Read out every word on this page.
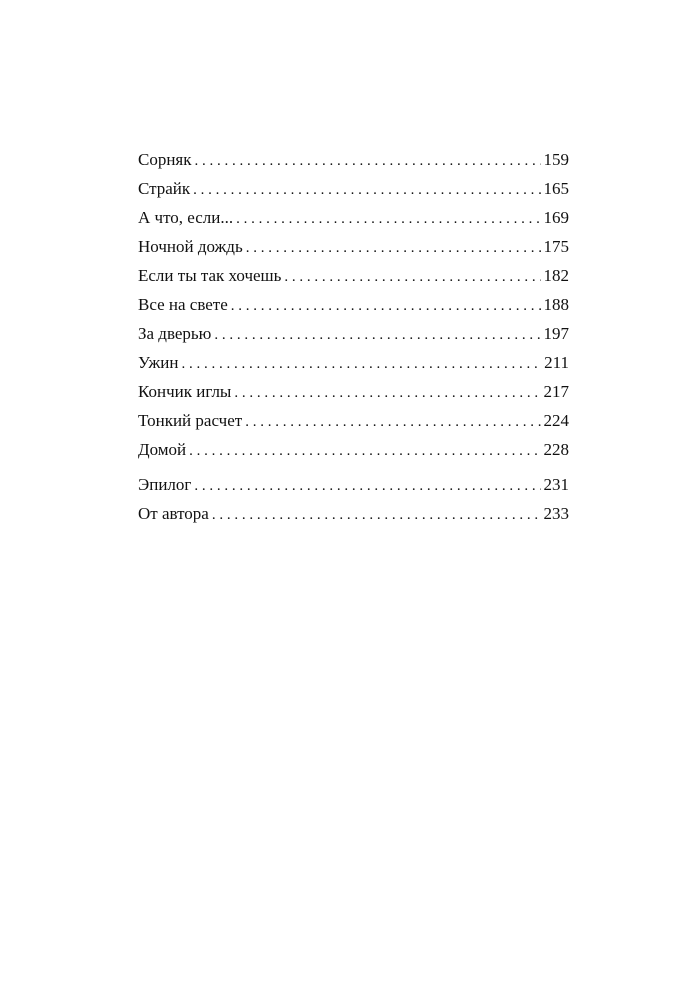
Сорняк . . .	159
Страйк . . .	165
А что, если... . . .	169
Ночной дождь . . .	175
Если ты так хочешь . . .	182
Все на свете . . .	188
За дверью . . .	197
Ужин . . .	211
Кончик иглы . . .	217
Тонкий расчет . . .	224
Домой . . .	228
Эпилог . . .	231
От автора . . .	233
